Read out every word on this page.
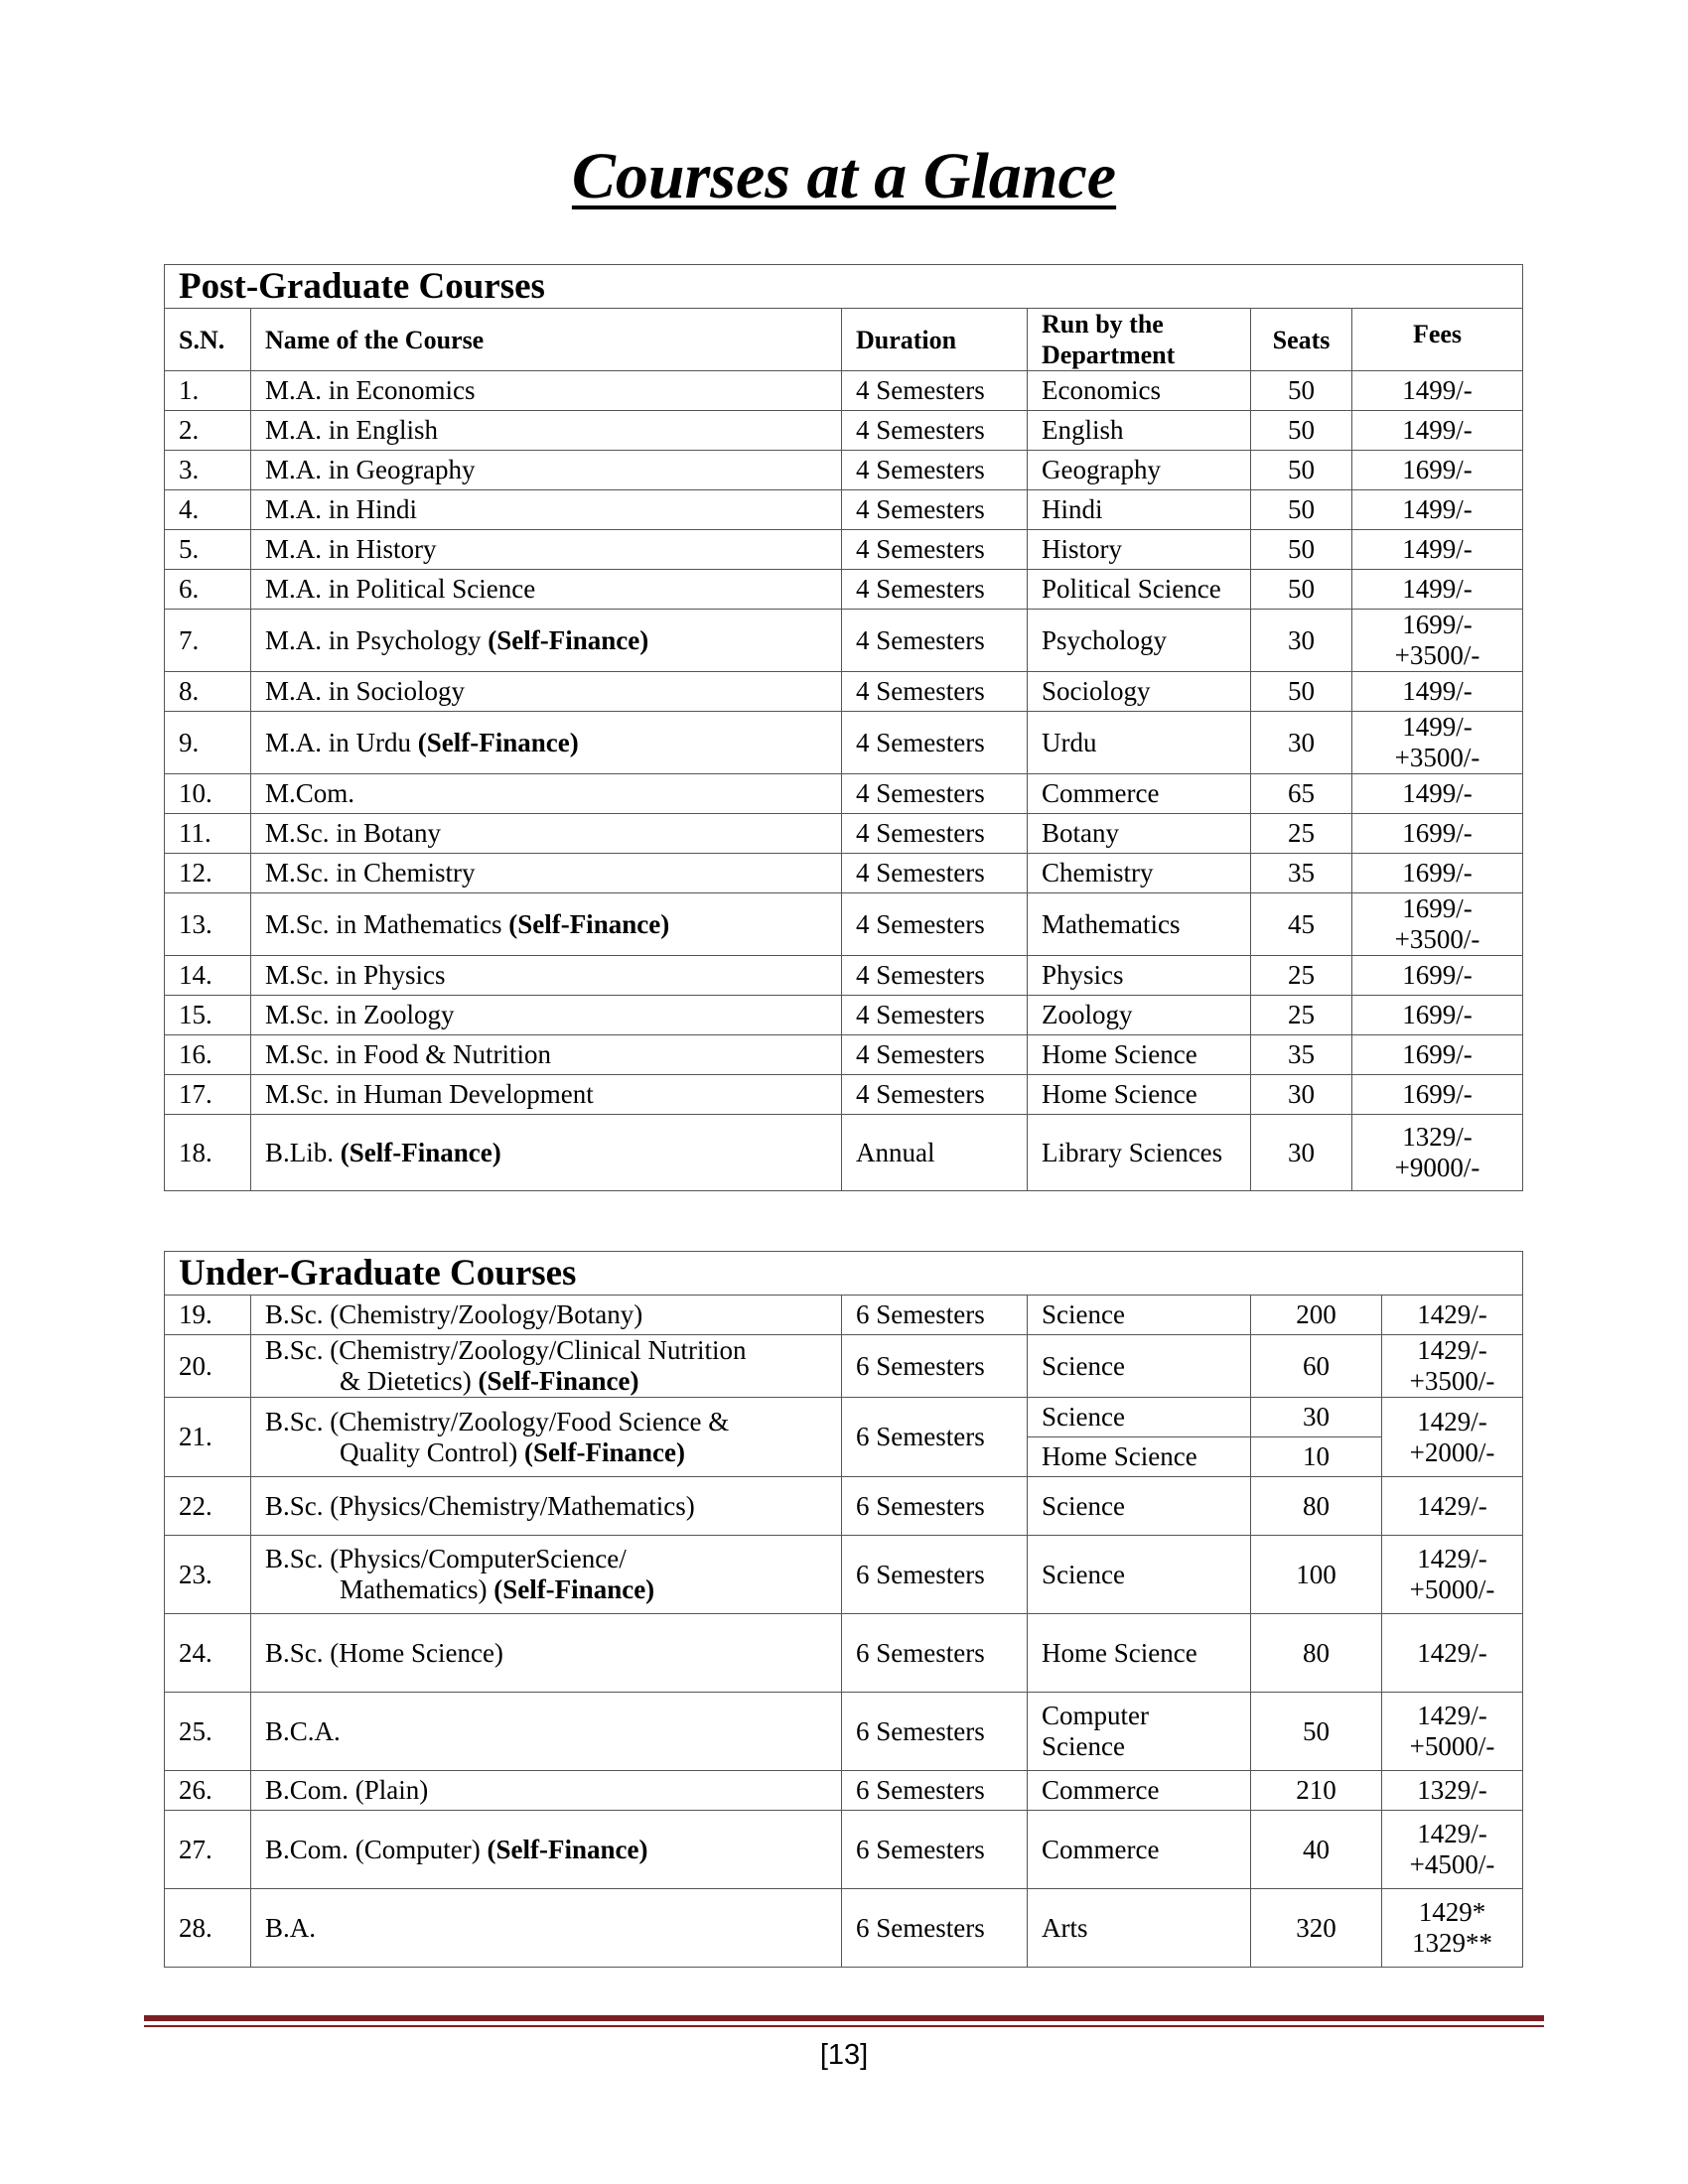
Courses at a Glance
Post-Graduate Courses					
S.N.	Name of the Course	Duration	Run by the Department	Seats	Fees
1.	M.A. in Economics	4 Semesters	Economics	50	1499/-

2.	M.A. in English	4 Semesters	English	50	1499/-

3.	M.A. in Geography	4 Semesters	Geography	50	1699/-

4.	M.A. in Hindi	4 Semesters	Hindi	50	1499/-

5.	M.A. in History	4 Semesters	History	50	1499/-

6.	M.A. in Political Science	4 Semesters	Political Science	50	1499/-

7.	M.A. in Psychology (Self-Finance)	4 Semesters	Psychology	30	1699/-
+3500/-

8.	M.A. in Sociology	4 Semesters	Sociology	50	1499/-

9.	M.A. in Urdu (Self-Finance)	4 Semesters	Urdu	30	1499/-
+3500/-

10.	M.Com.	4 Semesters	Commerce	65	1499/-

11.	M.Sc. in Botany	4 Semesters	Botany	25	1699/-

12.	M.Sc. in Chemistry	4 Semesters	Chemistry	35	1699/-

13.	M.Sc. in Mathematics (Self-Finance)	4 Semesters	Mathematics	45	1699/-
+3500/-

14.	M.Sc. in Physics	4 Semesters	Physics	25	1699/-

15.	M.Sc. in Zoology	4 Semesters	Zoology	25	1699/-

16.	M.Sc. in Food & Nutrition	4 Semesters	Home Science	35	1699/-

17.	M.Sc. in Human Development	4 Semesters	Home Science	30	1699/-

18.	B.Lib. (Self-Finance)	Annual	Library Sciences	30	1329/-
+9000/-
Under-Graduate Courses					
19.	B.Sc. (Chemistry/Zoology/Botany)	6 Semesters	Science	200	1429/-

20.	B.Sc. (Chemistry/Zoology/Clinical Nutrition
& Dietetics) (Self-Finance)	6 Semesters	Science	60	1429/-
+3500/-

21.	B.Sc. (Chemistry/Zoology/Food Science &
Quality Control) (Self-Finance)	6 Semesters	Science	30	1429/-
+2000/-

			Home Science	10	
22.	B.Sc. (Physics/Chemistry/Mathematics)	6 Semesters	Science	80	1429/-

23.	B.Sc. (Physics/ComputerScience/
Mathematics) (Self-Finance)	6 Semesters	Science	100	1429/-
+5000/-

24.	B.Sc. (Home Science)	6 Semesters	Home Science	80	1429/-

25.	B.C.A.	6 Semesters	Computer
Science	50	1429/-
+5000/-

26.	B.Com. (Plain)	6 Semesters	Commerce	210	1329/-

27.	B.Com. (Computer) (Self-Finance)	6 Semesters	Commerce	40	1429/-
+4500/-

28.	B.A.	6 Semesters	Arts	320	1429*
1329**
[13]
